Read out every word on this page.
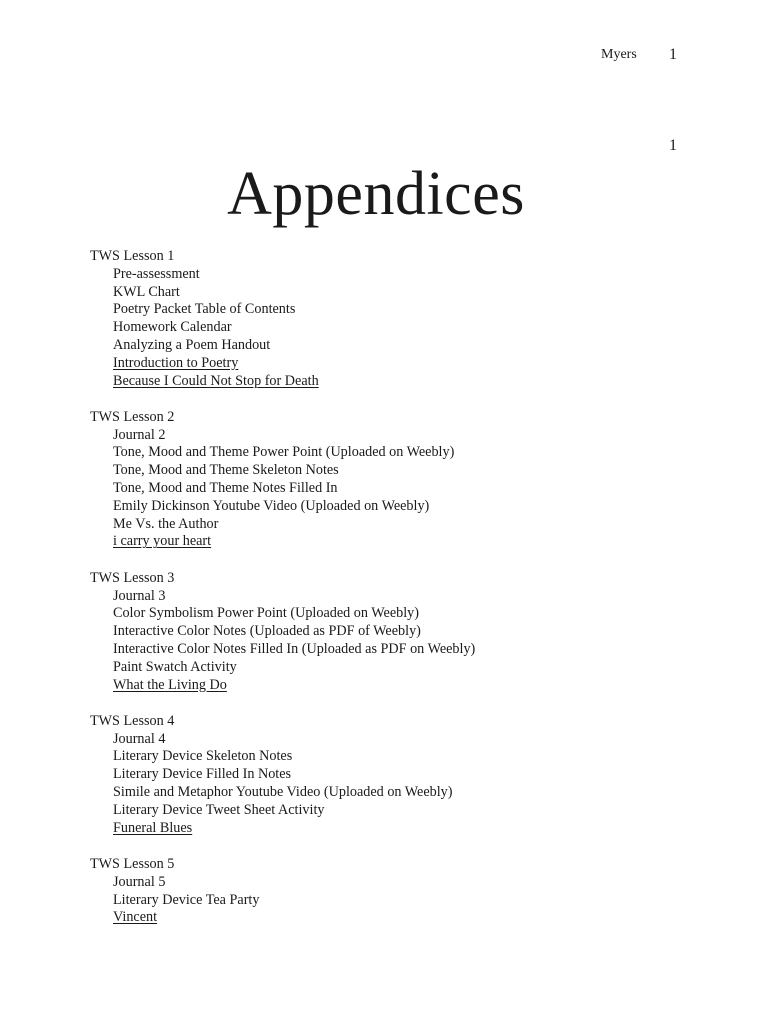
Myers 1
1
Appendices
TWS Lesson 1
Pre-assessment
KWL Chart
Poetry Packet Table of Contents
Homework Calendar
Analyzing a Poem Handout
Introduction to Poetry
Because I Could Not Stop for Death
TWS Lesson 2
Journal 2
Tone, Mood and Theme Power Point (Uploaded on Weebly)
Tone, Mood and Theme Skeleton Notes
Tone, Mood and Theme Notes Filled In
Emily Dickinson Youtube Video (Uploaded on Weebly)
Me Vs. the Author
i carry your heart
TWS Lesson 3
Journal 3
Color Symbolism Power Point (Uploaded on Weebly)
Interactive Color Notes (Uploaded as PDF of Weebly)
Interactive Color Notes Filled In (Uploaded as PDF on Weebly)
Paint Swatch Activity
What the Living Do
TWS Lesson 4
Journal 4
Literary Device Skeleton Notes
Literary Device Filled In Notes
Simile and Metaphor Youtube Video (Uploaded on Weebly)
Literary Device Tweet Sheet Activity
Funeral Blues
TWS Lesson 5
Journal 5
Literary Device Tea Party
Vincent
